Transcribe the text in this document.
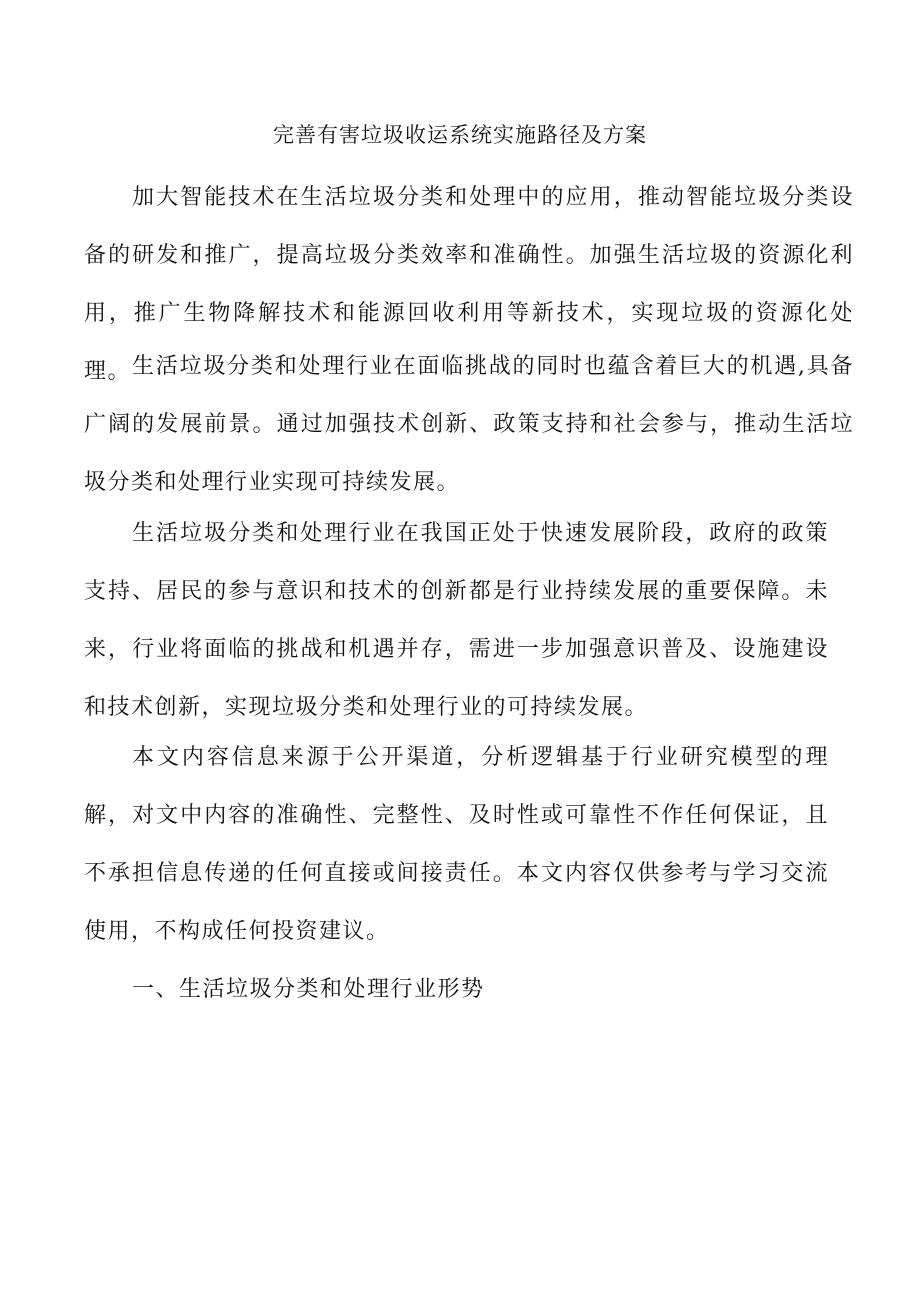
完善有害垃圾收运系统实施路径及方案

加大智能技术在生活垃圾分类和处理中的应用，推动智能垃圾分类设备的研发和推广，提高垃圾分类效率和准确性。加强生活垃圾的资源化利用，推广生物降解技术和能源回收利用等新技术，实现垃圾的资源化处理。 生活垃圾分类和处理行业在面临挑战的同时也蕴含着巨大的机遇,具备广阔的发展前景。通过加强技术创新、政策支持和社会参与，推动生活垃圾分类和处理行业实现可持续发展。

生活垃圾分类和处理行业在我国正处于快速发展阶段，政府的政策支持、居民的参与意识和技术的创新都是行业持续发展的重要保障。未来，行业将面临的挑战和机遇并存，需进一步加强意识普及、设施建设和技术创新，实现垃圾分类和处理行业的可持续发展。

本文内容信息来源于公开渠道，分析逻辑基于行业研究模型的理解，对文中内容的准确性、完整性、及时性或可靠性不作任何保证，且不承担信息传递的任何直接或间接责任。本文内容仅供参考与学习交流使用，不构成任何投资建议。

一、生活垃圾分类和处理行业形势
